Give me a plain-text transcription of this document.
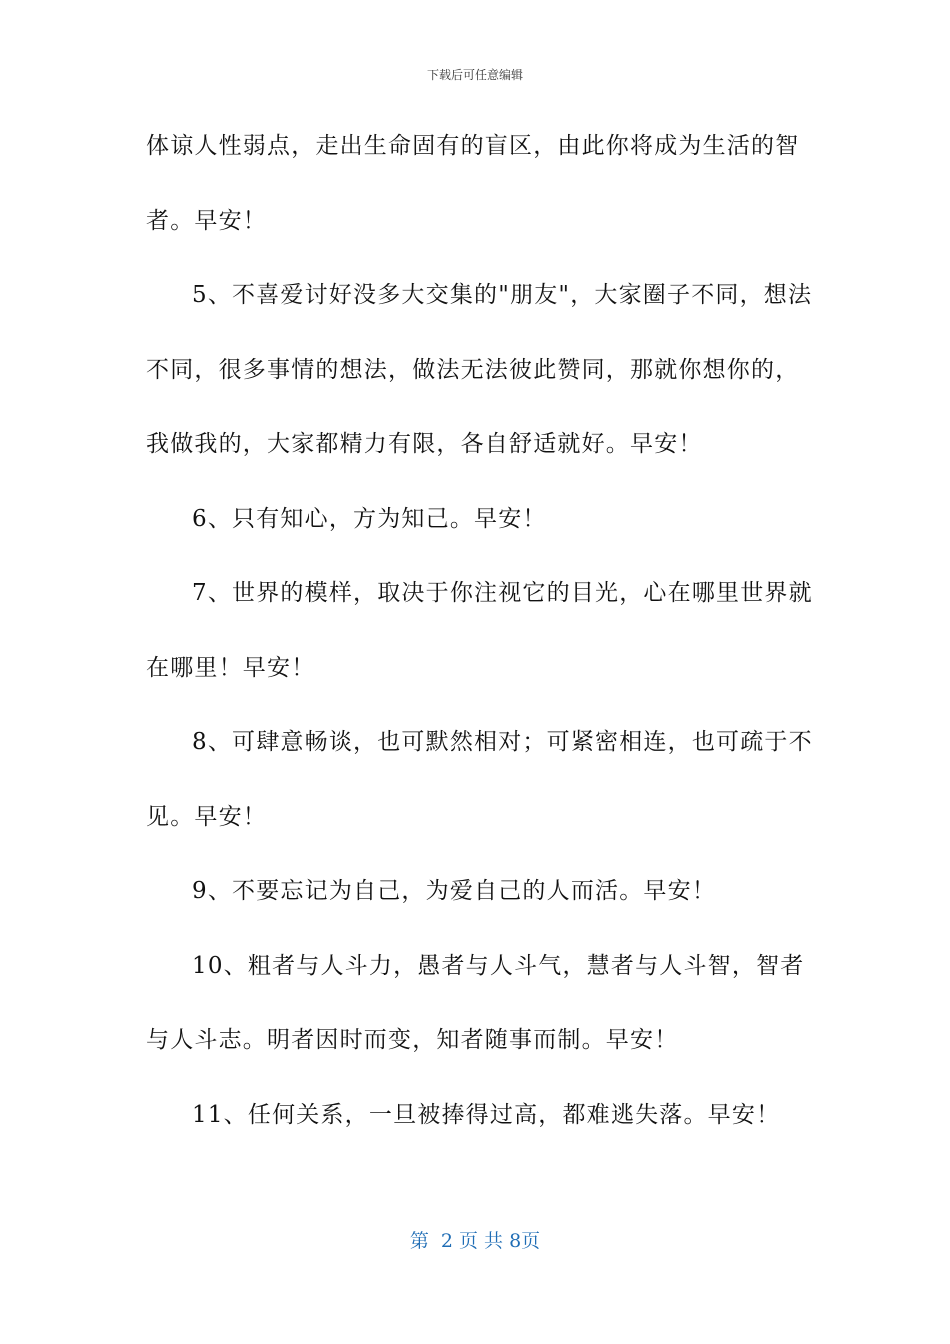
下载后可任意编辑
体谅人性弱点，走出生命固有的盲区，由此你将成为生活的智
者。早安！
5、不喜爱讨好没多大交集的"朋友"，大家圈子不同，想法
不同，很多事情的想法，做法无法彼此赞同，那就你想你的，
我做我的，大家都精力有限，各自舒适就好。早安！
6、只有知心，方为知己。早安！
7、世界的模样，取决于你注视它的目光，心在哪里世界就
在哪里！早安！
8、可肆意畅谈，也可默然相对；可紧密相连，也可疏于不
见。早安！
9、不要忘记为自己，为爱自己的人而活。早安！
10、粗者与人斗力，愚者与人斗气，慧者与人斗智，智者
与人斗志。明者因时而变，知者随事而制。早安！
11、任何关系，一旦被捧得过高，都难逃失落。早安！
第  2 页 共 8页
